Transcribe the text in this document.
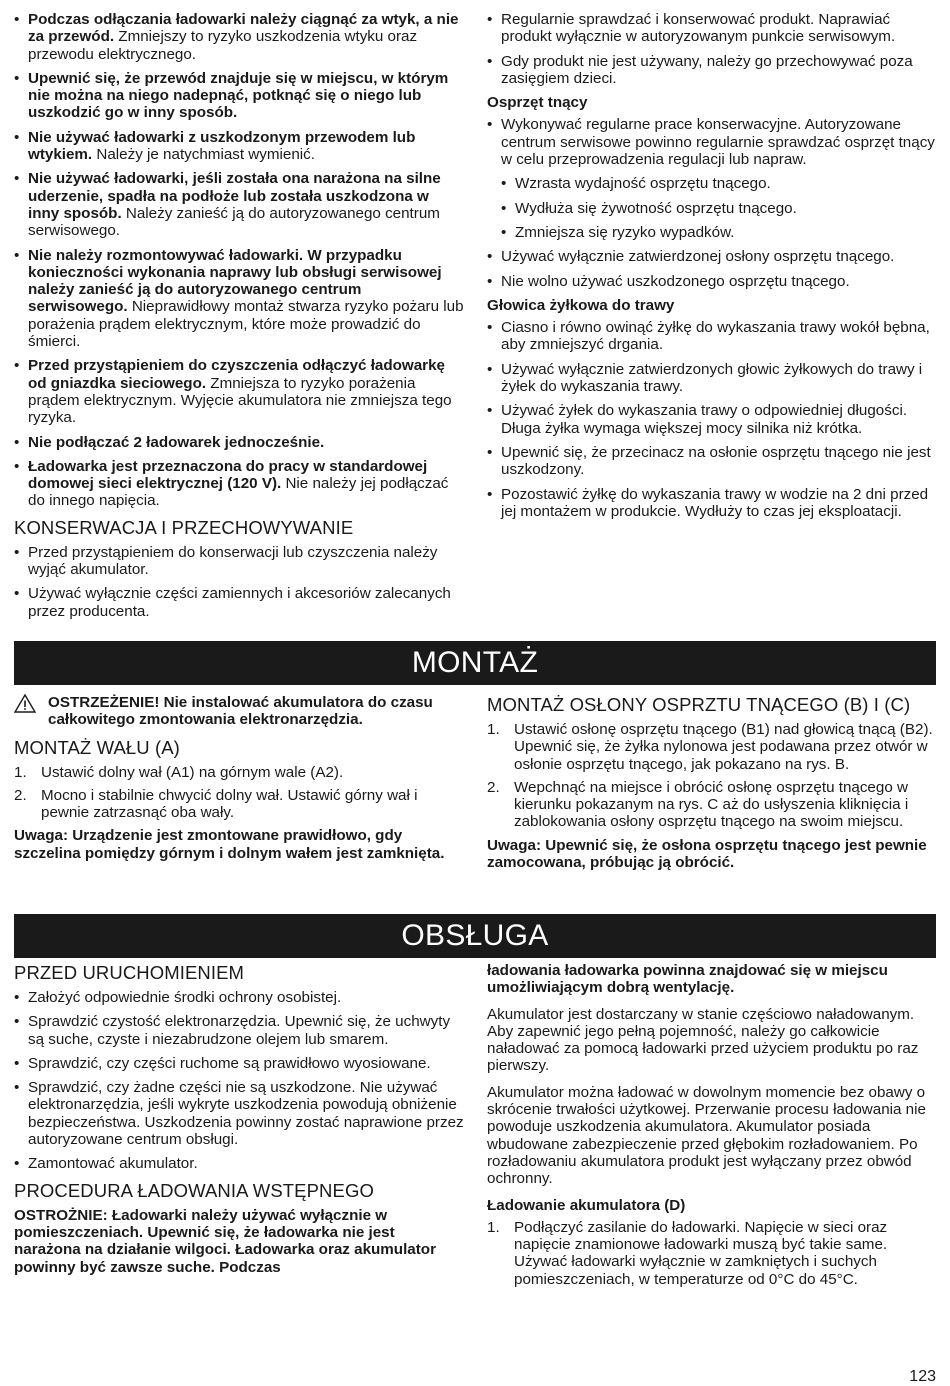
• Podczas odłączania ładowarki należy ciągnąć za wtyk, a nie za przewód. Zmniejszy to ryzyko uszkodzenia wtyku oraz przewodu elektrycznego.
• Upewnić się, że przewód znajduje się w miejscu, w którym nie można na niego nadepnąć, potknąć się o niego lub uszkodzić go w inny sposób.
• Nie używać ładowarki z uszkodzonym przewodem lub wtykiem. Należy je natychmiast wymienić.
• Nie używać ładowarki, jeśli została ona narażona na silne uderzenie, spadła na podłoże lub została uszkodzona w inny sposób. Należy zanieść ją do autoryzowanego centrum serwisowego.
• Nie należy rozmontowywać ładowarki. W przypadku konieczności wykonania naprawy lub obsługi serwisowej należy zanieść ją do autoryzowanego centrum serwisowego. Nieprawidłowy montaż stwarza ryzyko pożaru lub porażenia prądem elektrycznym, które może prowadzić do śmierci.
• Przed przystąpieniem do czyszczenia odłączyć ładowarkę od gniazdka sieciowego. Zmniejsza to ryzyko porażenia prądem elektrycznym. Wyjęcie akumulatora nie zmniejsza tego ryzyka.
• Nie podłączać 2 ładowarek jednocześnie.
• Ładowarka jest przeznaczona do pracy w standardowej domowej sieci elektrycznej (120 V). Nie należy jej podłączać do innego napięcia.
KONSERWACJA I PRZECHOWYWANIE
• Przed przystąpieniem do konserwacji lub czyszczenia należy wyjąć akumulator.
• Używać wyłącznie części zamiennych i akcesoriów zalecanych przez producenta.
• Regularnie sprawdzać i konserwować produkt. Naprawiać produkt wyłącznie w autoryzowanym punkcie serwisowym.
• Gdy produkt nie jest używany, należy go przechowywać poza zasięgiem dzieci.
Osprzęt tnący
• Wykonywać regularne prace konserwacyjne. Autoryzowane centrum serwisowe powinno regularnie sprawdzać osprzęt tnący w celu przeprowadzenia regulacji lub napraw.
• Wzrasta wydajność osprzętu tnącego.
• Wydłuża się żywotność osprzętu tnącego.
• Zmniejsza się ryzyko wypadków.
• Używać wyłącznie zatwierdzonej osłony osprzętu tnącego.
• Nie wolno używać uszkodzonego osprzętu tnącego.
Głowica żyłkowa do trawy
• Ciasno i równo owinąć żyłkę do wykaszania trawy wokół bębna, aby zmniejszyć drgania.
• Używać wyłącznie zatwierdzonych głowic żyłkowych do trawy i żyłek do wykaszania trawy.
• Używać żyłek do wykaszania trawy o odpowiedniej długości. Długa żyłka wymaga większej mocy silnika niż krótka.
• Upewnić się, że przecinacz na osłonie osprzętu tnącego nie jest uszkodzony.
• Pozostawić żyłkę do wykaszania trawy w wodzie na 2 dni przed jej montażem w produkcie. Wydłuży to czas jej eksploatacji.
MONTAŻ
OSTRZEŻENIE! Nie instalować akumulatora do czasu całkowitego zmontowania elektronarzędzia.
MONTAŻ WAŁU (A)
1. Ustawić dolny wał (A1) na górnym wale (A2).
2. Mocno i stabilnie chwycić dolny wał. Ustawić górny wał i pewnie zatrzasnąć oba wały.

Uwaga: Urządzenie jest zmontowane prawidłowo, gdy szczelina pomiędzy górnym i dolnym wałem jest zamknięta.

MONTAŻ OSŁONY OSPRZTU TNĄCEGO (B) I (C)
1. Ustawić osłonę osprzętu tnącego (B1) nad głowicą tnącą (B2). Upewnić się, że żyłka nylonowa jest podawana przez otwór w osłonie osprzętu tnącego, jak pokazano na rys. B.
2. Wepchnąć na miejsce i obrócić osłonę osprzętu tnącego w kierunku pokazanym na rys. C aż do usłyszenia kliknięcia i zablokowania osłony osprzętu tnącego na swoim miejscu.

Uwaga: Upewnić się, że osłona osprzętu tnącego jest pewnie zamocowana, próbując ją obrócić.

OBSŁUGA
PRZED URUCHOMIENIEM
• Założyć odpowiednie środki ochrony osobistej.
• Sprawdzić czystość elektronarzędzia. Upewnić się, że uchwyty są suche, czyste i niezabrudzone olejem lub smarem.
• Sprawdzić, czy części ruchome są prawidłowo wyosiowane.
• Sprawdzić, czy żadne części nie są uszkodzone. Nie używać elektronarzędzia, jeśli wykryte uszkodzenia powodują obniżenie bezpieczeństwa. Uszkodzenia powinny zostać naprawione przez autoryzowane centrum obsługi.
• Zamontować akumulator.
PROCEDURA ŁADOWANIA WSTĘPNEGO

OSTROŻNIE: Ładowarki należy używać wyłącznie w pomieszczeniach. Upewnić się, że ładowarka nie jest narażona na działanie wilgoci. Ładowarka oraz akumulator powinny być zawsze suche. Podczas

ładowania ładowarka powinna znajdować się w miejscu umożliwiającym dobrą wentylację.

Akumulator jest dostarczany w stanie częściowo naładowanym. Aby zapewnić jego pełną pojemność, należy go całkowicie naładować za pomocą ładowarki przed użyciem produktu po raz pierwszy.

Akumulator można ładować w dowolnym momencie bez obawy o skrócenie trwałości użytkowej. Przerwanie procesu ładowania nie powoduje uszkodzenia akumulatora. Akumulator posiada wbudowane zabezpieczenie przed głębokim rozładowaniem. Po rozładowaniu akumulatora produkt jest wyłączany przez obwód ochronny.

Ładowanie akumulatora (D)
1. Podłączyć zasilanie do ładowarki. Napięcie w sieci oraz napięcie znamionowe ładowarki muszą być takie same. Używać ładowarki wyłącznie w zamkniętych i suchych pomieszczeniach, w temperaturze od 0°C do 45°C.
123
